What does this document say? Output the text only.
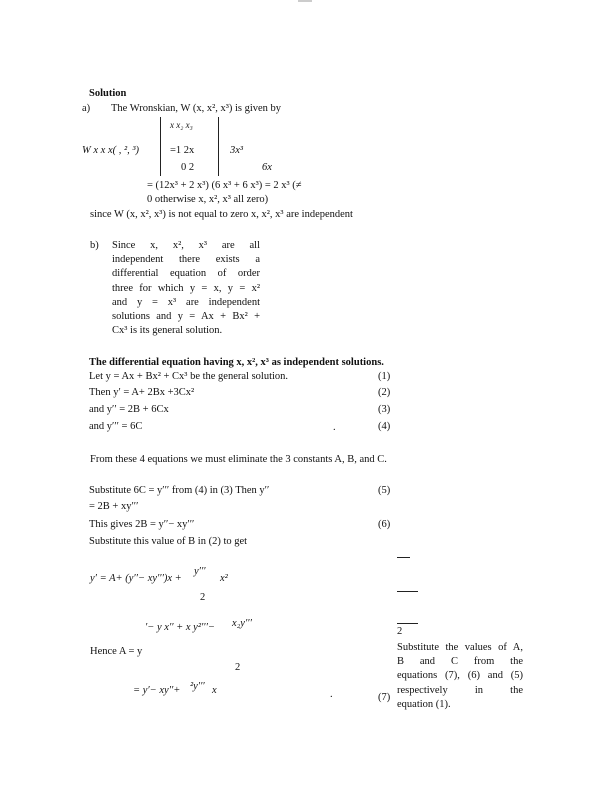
Solution
a) The Wronskian, W (x, x², x³) is given by
x x₂ x₃
W x x x( , ², ³)	=1 2x	3x³
0 2	6x
= (12x³ + 2 x³) (6 x³ + 6 x³) = 2 x³ (≠
0 otherwise x, x², x³ all zero)
since W (x, x², x³) is not equal to zero x, x², x³ are independent
b) Since x, x², x³ are all
independent there exists a
differential equation of order
three for which y = x, y = x²
and y = x³ are independent
solutions and y = Ax + Bx² +
Cx³ is its general solution.
The differential equation having x, x², x³ as independent solutions.
Let y = Ax + Bx² + Cx³ be the general solution.	(1)
Then y′ = A+ 2Bx +3Cx²	(2)
and y′′ = 2B + 6Cx	(3)
and y′′′ = 6C	.	(4)
From these 4 equations we must eliminate the 3 constants A, B, and C.
Substitute 6C = y′′′ from (4) in (3) Then y′′	(5)
= 2B + xy′′′
This gives 2B = y′′− xy′′′	(6)
Substitute this value of B in (2) to get
y′ = A+ (y′′− xy′′′)x +
y′′′
x²
2
′− y x′′ + x y²′′′− x₂y′′′
2
Hence A = y
2
= y′− xy′′+ ²y′′′ x	.	(7)
Substitute the values of A,
B and C from the
equations (7), (6) and (5)
respectively in the
equation (1).
